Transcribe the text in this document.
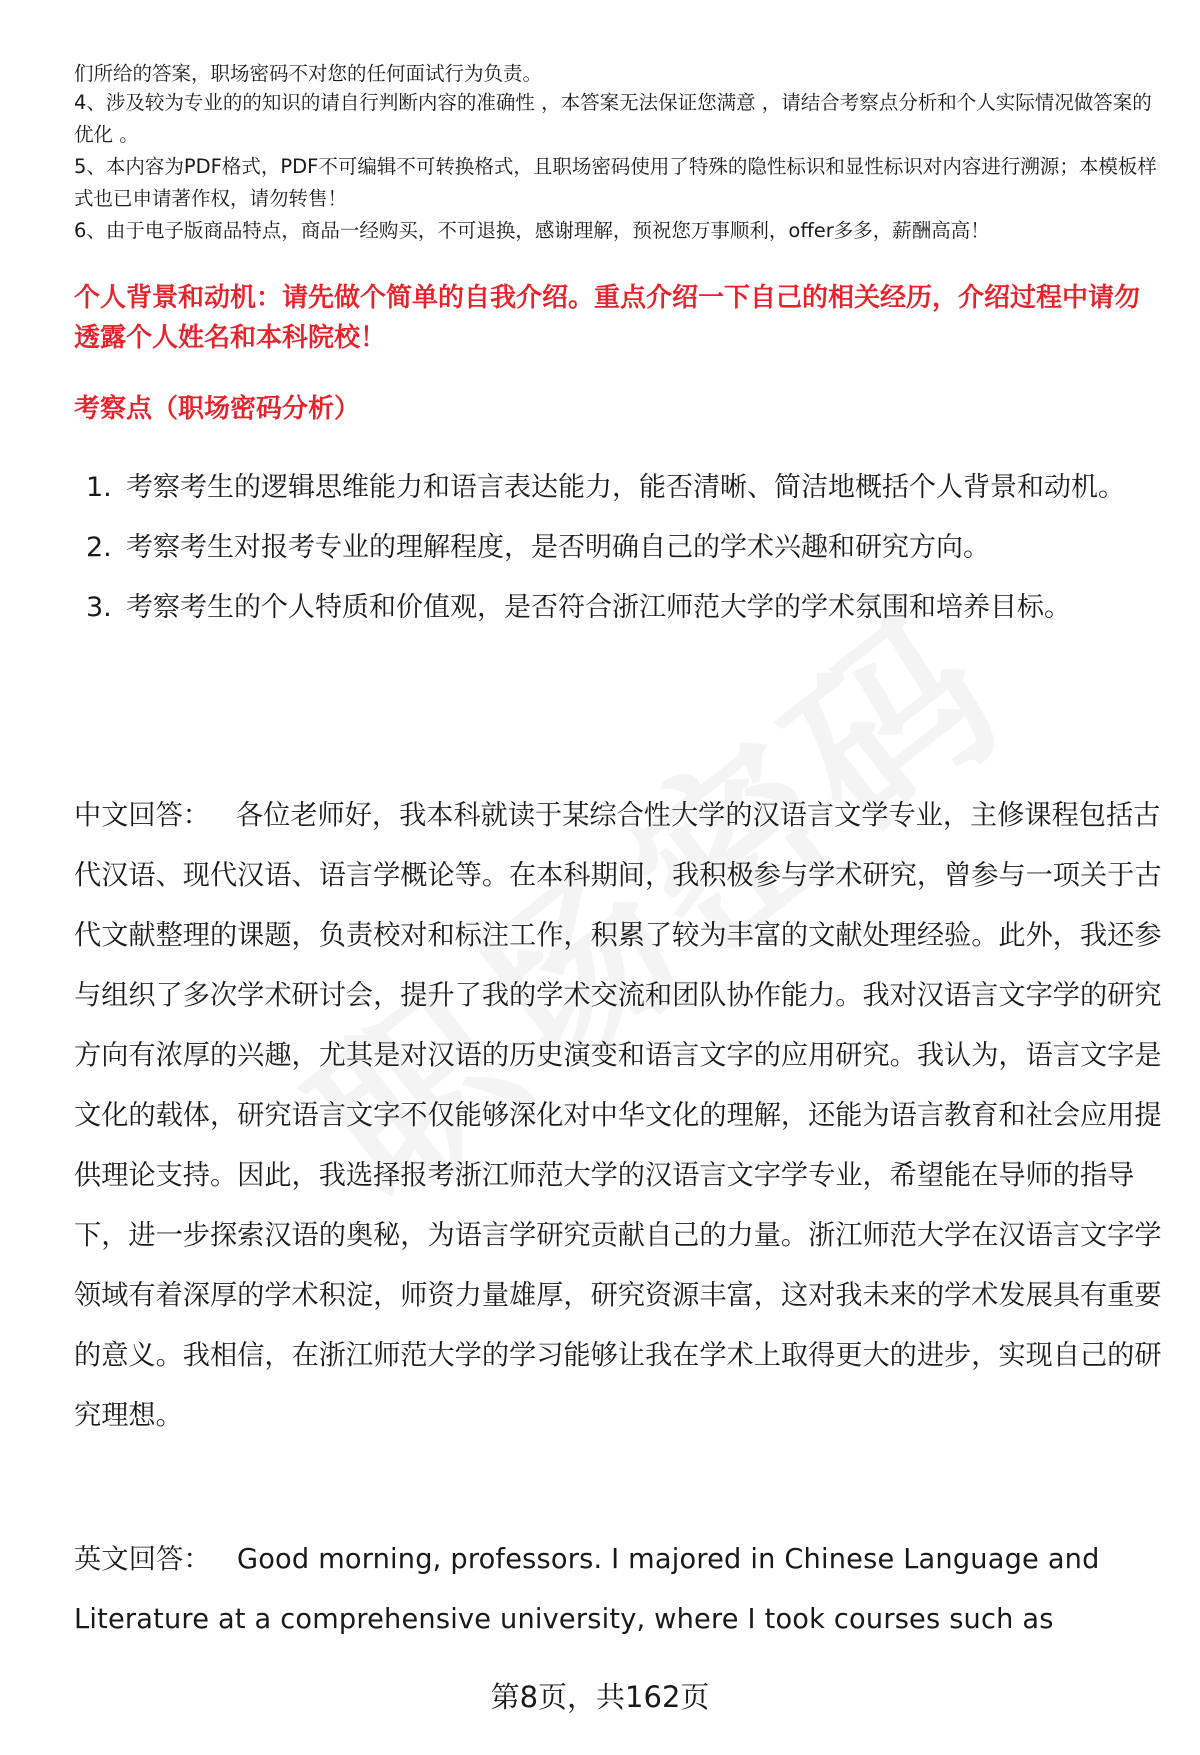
们所给的答案，职场密码不对您的任何面试行为负责。

4、涉及较为专业的的知识的请自行判断内容的准确性 ，本答案无法保证您满意 ，请结合考察点分析和个人实际情况做答案的优化 。

5、本内容为PDF格式，PDF不可编辑不可转换格式，且职场密码使用了特殊的隐性标识和显性标识对内容进行溯源；本模板样式也已申请著作权，请勿转售！

6、由于电子版商品特点，商品一经购买，不可退换，感谢理解，预祝您万事顺利，offer多多，薪酬高高！

个人背景和动机：请先做个简单的自我介绍。重点介绍一下自己的相关经历，介绍过程中请勿透露个人姓名和本科院校！
考察点（职场密码分析）
1. 考察考生的逻辑思维能力和语言表达能力，能否清晰、简洁地概括个人背景和动机。
2. 考察考生对报考专业的理解程度，是否明确自己的学术兴趣和研究方向。
3. 考察考生的个人特质和价值观，是否符合浙江师范大学的学术氛围和培养目标。

中文回答： 各位老师好，我本科就读于某综合性大学的汉语言文学专业，主修课程包括古代汉语、现代汉语、语言学概论等。在本科期间，我积极参与学术研究，曾参与一项关于古代文献整理的课题，负责校对和标注工作，积累了较为丰富的文献处理经验。此外，我还参与组织了多次学术研讨会，提升了我的学术交流和团队协作能力。我对汉语言文字学的研究方向有浓厚的兴趣，尤其是对汉语的历史演变和语言文字的应用研究。我认为，语言文字是文化的载体，研究语言文字不仅能够深化对中华文化的理解，还能为语言教育和社会应用提供理论支持。因此，我选择报考浙江师范大学的汉语言文字学专业，希望能在导师的指导下，进一步探索汉语的奥秘，为语言学研究贡献自己的力量。浙江师范大学在汉语言文字学领域有着深厚的学术积淀，师资力量雄厚，研究资源丰富，这对我未来的学术发展具有重要的意义。我相信，在浙江师范大学的学习能够让我在学术上取得更大的进步，实现自己的研究理想。

英文回答： Good morning, professors. I majored in Chinese Language and Literature at a comprehensive university, where I took courses such as

第8页，共162页
